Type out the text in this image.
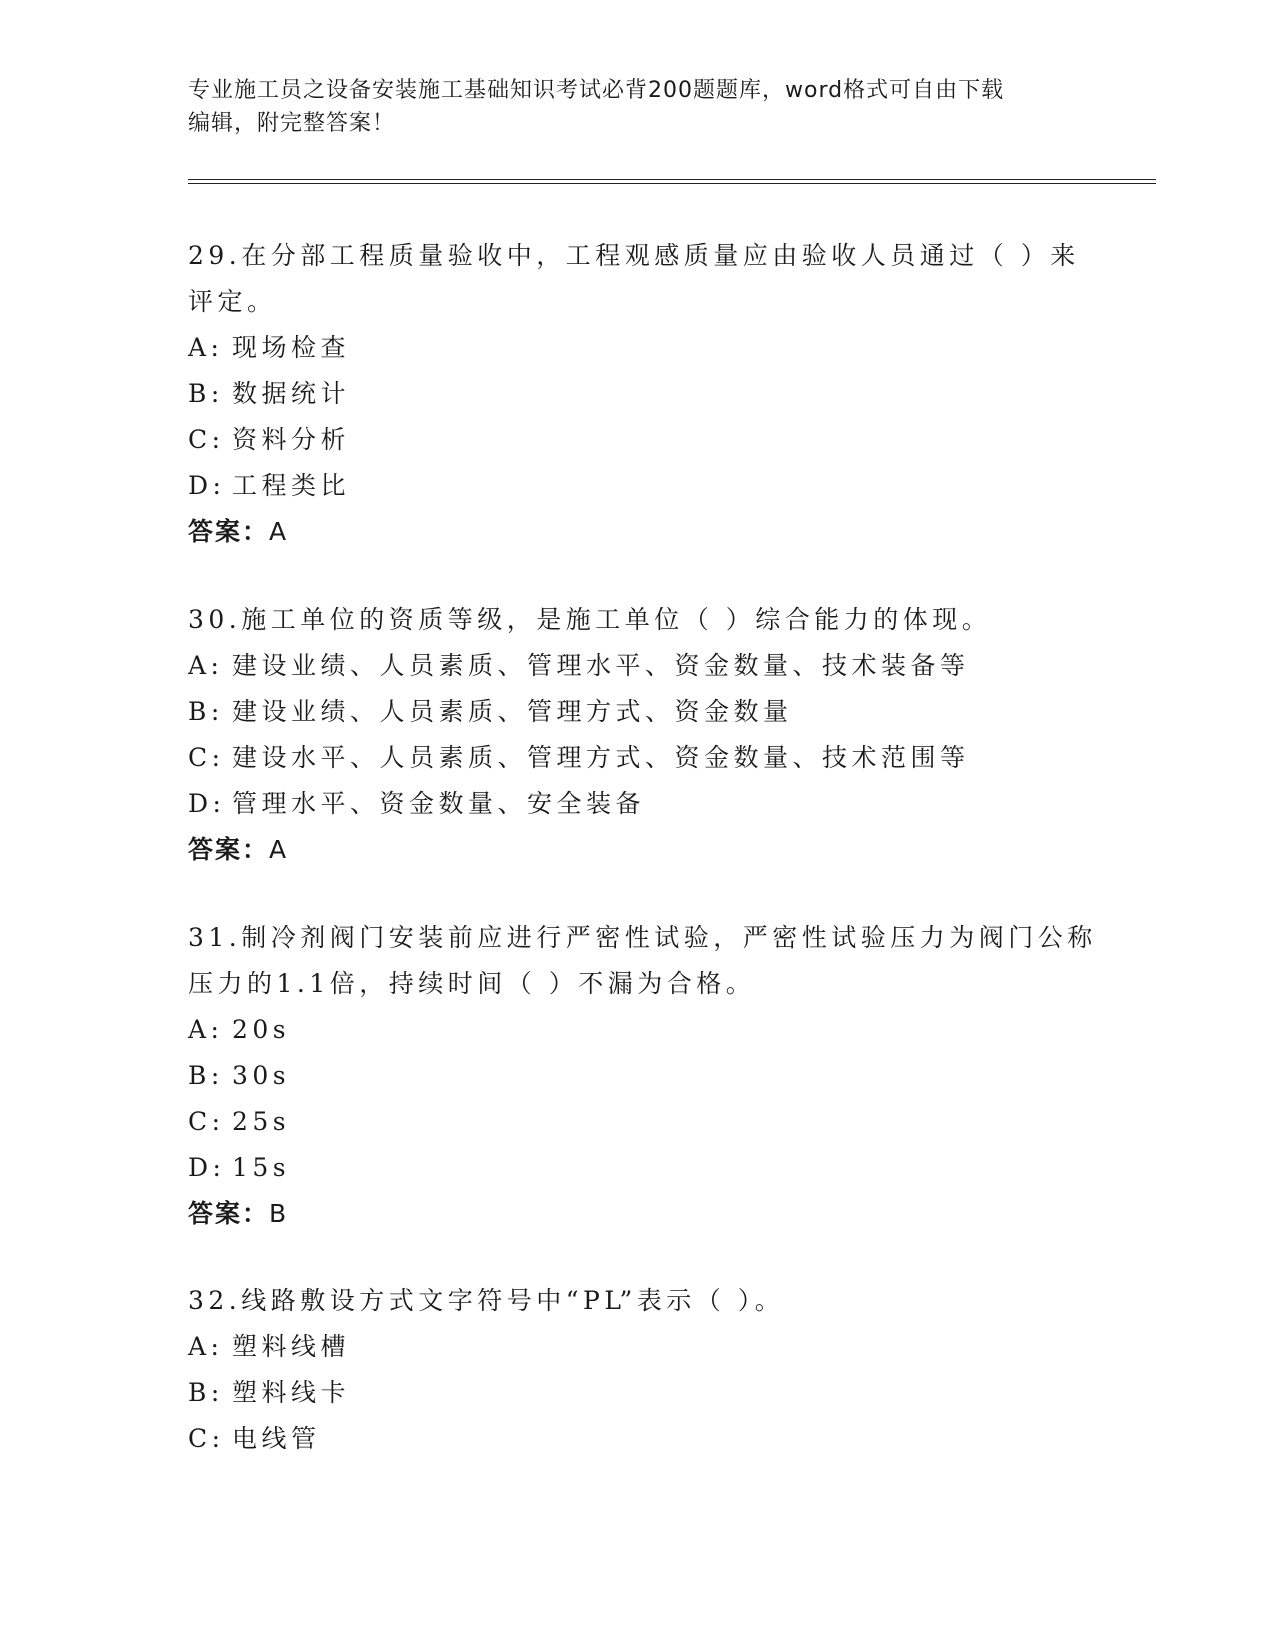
专业施工员之设备安装施工基础知识考试必背200题题库，word格式可自由下载
编辑，附完整答案！
29.在分部工程质量验收中，工程观感质量应由验收人员通过（ ）来
评定。
A: 现场检查
B: 数据统计
C: 资料分析
D: 工程类比
答案：A
30.施工单位的资质等级，是施工单位（ ）综合能力的体现。
A: 建设业绩、人员素质、管理水平、资金数量、技术装备等
B: 建设业绩、人员素质、管理方式、资金数量
C: 建设水平、人员素质、管理方式、资金数量、技术范围等
D: 管理水平、资金数量、安全装备
答案：A
31.制冷剂阀门安装前应进行严密性试验，严密性试验压力为阀门公称
压力的1.1倍，持续时间（ ）不漏为合格。
A: 20s
B: 30s
C: 25s
D: 15s
答案：B
32.线路敷设方式文字符号中“PL”表示（ ）。
A: 塑料线槽
B: 塑料线卡
C: 电线管
